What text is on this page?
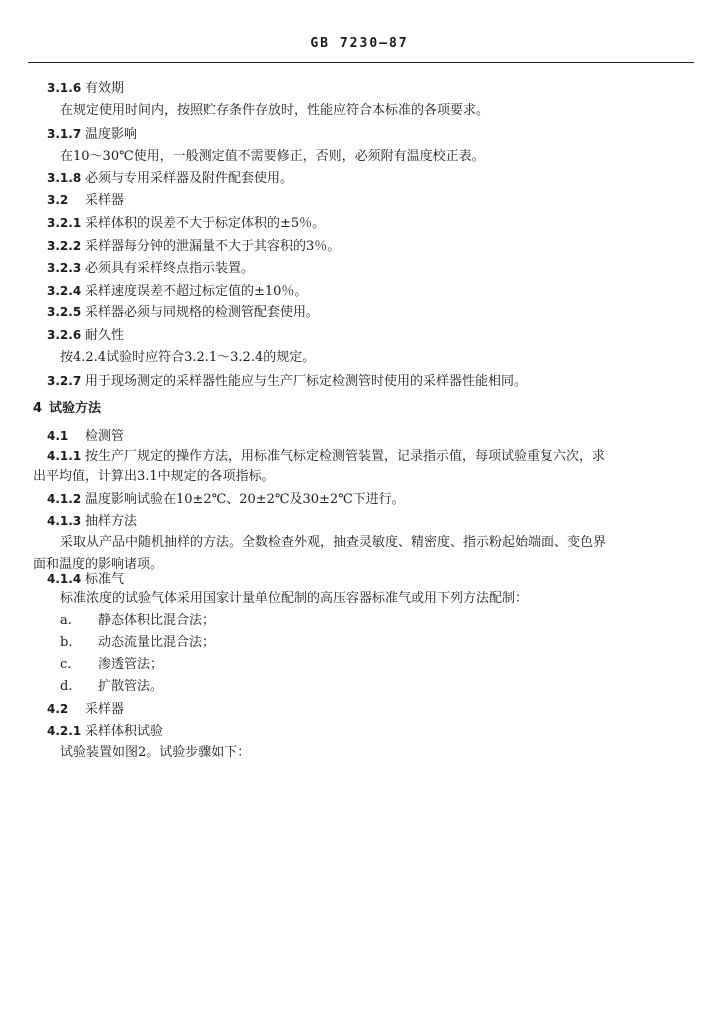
GB 7230—87
3.1.6 有效期
在规定使用时间内，按照贮存条件存放时，性能应符合本标准的各项要求。
3.1.7 温度影响
在10～30℃使用，一般测定值不需要修正，否则，必须附有温度校正表。
3.1.8 必须与专用采样器及附件配套使用。
3.2 采样器
3.2.1 采样体积的误差不大于标定体积的±5％。
3.2.2 采样器每分钟的泄漏量不大于其容积的3％。
3.2.3 必须具有采样终点指示装置。
3.2.4 采样速度误差不超过标定值的±10％。
3.2.5 采样器必须与同规格的检测管配套使用。
3.2.6 耐久性
按4.2.4试验时应符合3.2.1～3.2.4的规定。
3.2.7 用于现场测定的采样器性能应与生产厂标定检测管时使用的采样器性能相同。
4 试验方法
4.1 检测管
4.1.1 按生产厂规定的操作方法，用标准气标定检测管装置，记录指示值，每项试验重复六次，求
出平均值，计算出3.1中规定的各项指标。
4.1.2 温度影响试验在10±2℃、20±2℃及30±2℃下进行。
4.1.3 抽样方法
采取从产品中随机抽样的方法。全数检查外观，抽查灵敏度、精密度、指示粉起始端面、变色界
面和温度的影响诸项。
4.1.4 标准气
标准浓度的试验气体采用国家计量单位配制的高压容器标准气或用下列方法配制：
a. 静态体积比混合法；
b. 动态流量比混合法；
c. 渗透管法；
d. 扩散管法。
4.2 采样器
4.2.1 采样体积试验
试验装置如图2。试验步骤如下：
